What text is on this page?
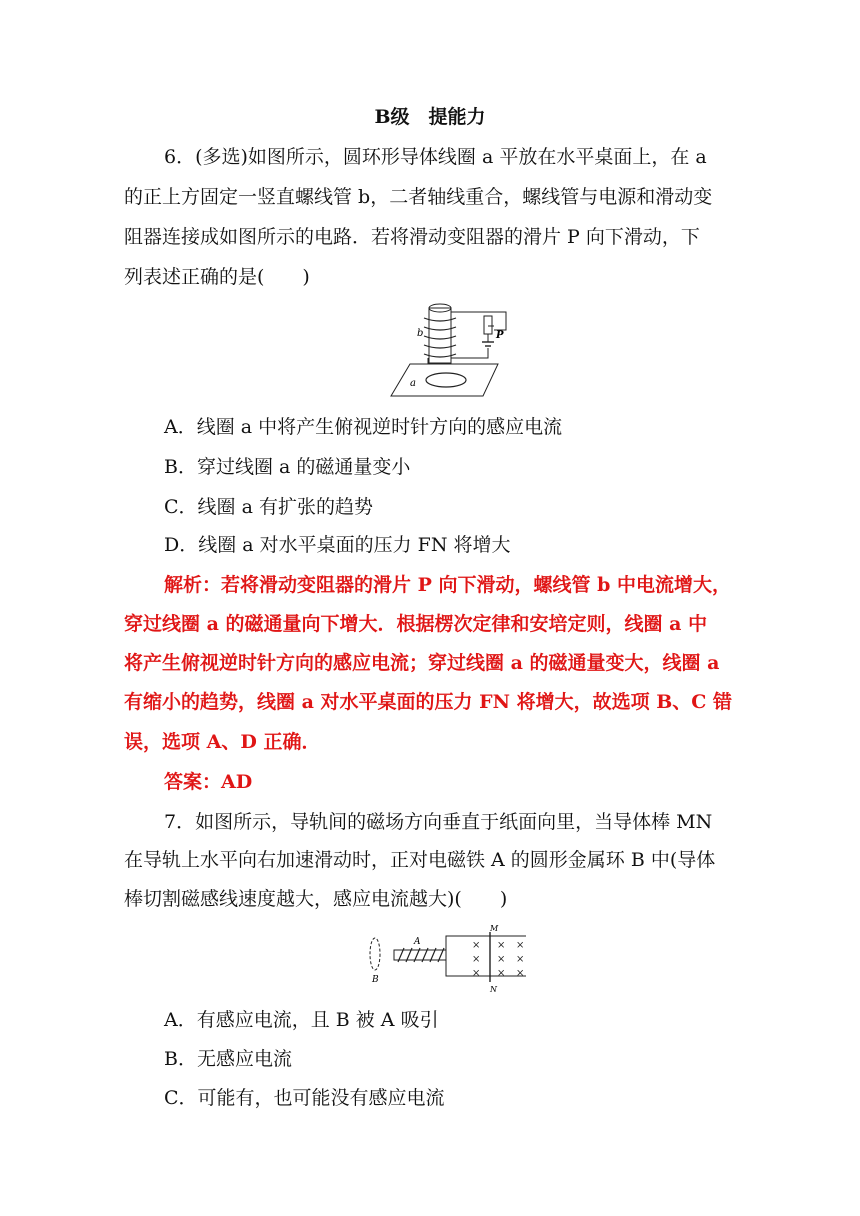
B级　提能力
6．(多选)如图所示，圆环形导体线圈 a 平放在水平桌面上，在 a
的正上方固定一竖直螺线管 b，二者轴线重合，螺线管与电源和滑动变
阻器连接成如图所示的电路．若将滑动变阻器的滑片 P 向下滑动，下
列表述正确的是(　　)
b	P
a
A．线圈 a 中将产生俯视逆时针方向的感应电流
B．穿过线圈 a 的磁通量变小
C．线圈 a 有扩张的趋势
D．线圈 a 对水平桌面的压力 FN 将增大
解析：若将滑动变阻器的滑片 P 向下滑动，螺线管 b 中电流增大，
穿过线圈 a 的磁通量向下增大．根据楞次定律和安培定则，线圈 a 中
将产生俯视逆时针方向的感应电流；穿过线圈 a 的磁通量变大，线圈 a
有缩小的趋势，线圈 a 对水平桌面的压力 FN 将增大，故选项 B、C 错
误，选项 A、D 正确．
答案：AD
7．如图所示，导轨间的磁场方向垂直于纸面向里，当导体棒 MN
在导轨上水平向右加速滑动时，正对电磁铁 A 的圆形金属环 B 中(导体
棒切割磁感线速度越大，感应电流越大)(　　)
B
A
M
N
× × ×
× × ×
× × ×
A．有感应电流，且 B 被 A 吸引
B．无感应电流
C．可能有，也可能没有感应电流
